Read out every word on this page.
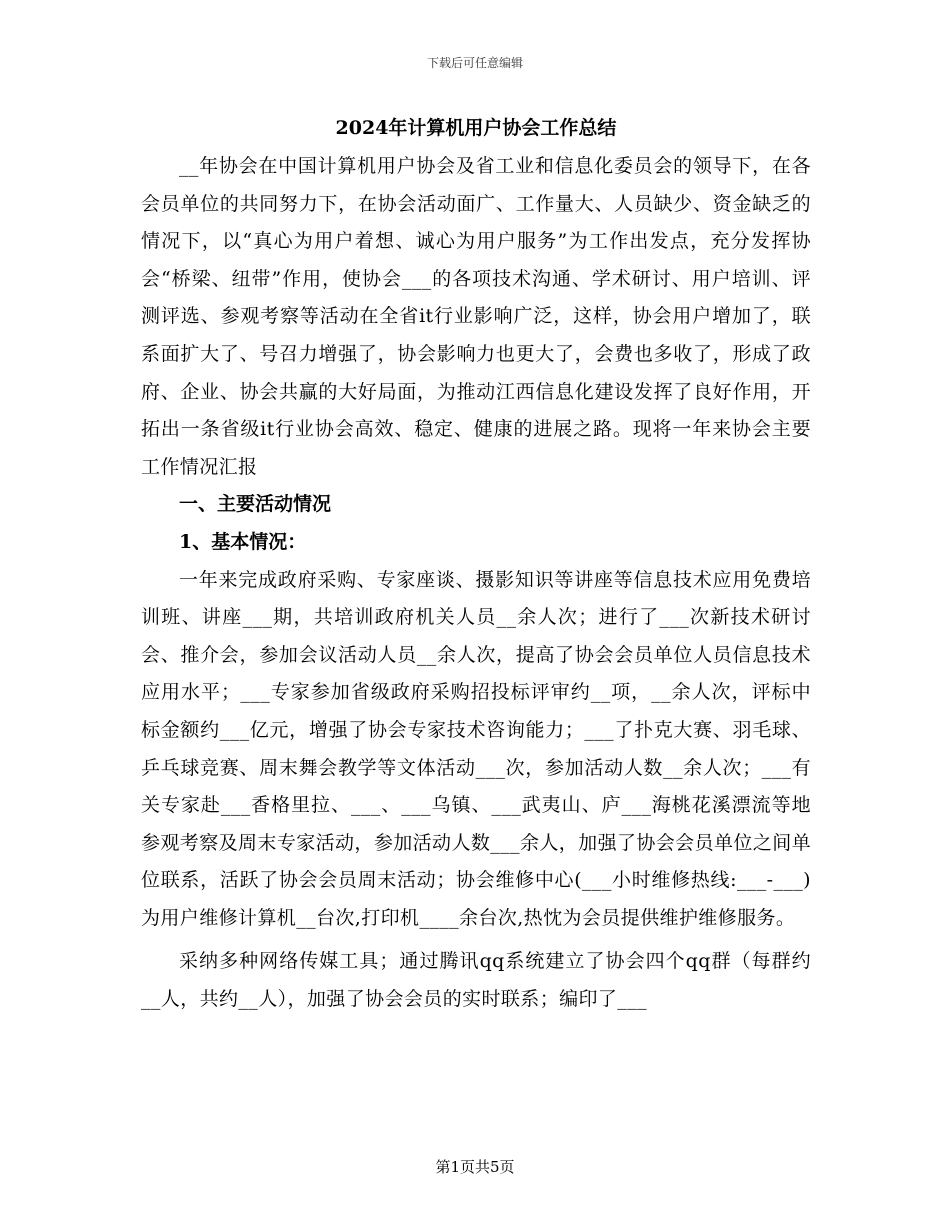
下载后可任意编辑
2024年计算机用户协会工作总结

__年协会在中国计算机用户协会及省工业和信息化委员会的领导下，在各会员单位的共同努力下，在协会活动面广、工作量大、人员缺少、资金缺乏的情况下，以“真心为用户着想、诚心为用户服务”为工作出发点，充分发挥协会“桥梁、纽带”作用，使协会___的各项技术沟通、学术研讨、用户培训、评测评选、参观考察等活动在全省it行业影响广泛，这样，协会用户增加了，联系面扩大了、号召力增强了，协会影响力也更大了，会费也多收了，形成了政府、企业、协会共赢的大好局面，为推动江西信息化建设发挥了良好作用，开拓出一条省级it行业协会高效、稳定、健康的进展之路。现将一年来协会主要工作情况汇报

一、主要活动情况

1、基本情况：

一年来完成政府采购、专家座谈、摄影知识等讲座等信息技术应用免费培训班、讲座___期，共培训政府机关人员__余人次；进行了___次新技术研讨会、推介会，参加会议活动人员__余人次，提高了协会会员单位人员信息技术应用水平；___专家参加省级政府采购招投标评审约__项，__余人次，评标中标金额约___亿元，增强了协会专家技术咨询能力；___了扑克大赛、羽毛球、乒乓球竞赛、周末舞会教学等文体活动___次，参加活动人数__余人次；___有关专家赴___香格里拉、___、___乌镇、___武夷山、庐___海桃花溪漂流等地参观考察及周末专家活动，参加活动人数___余人，加强了协会会员单位之间单位联系，活跃了协会会员周末活动；协会维修中心(___小时维修热线:___-___)为用户维修计算机__台次,打印机____余台次,热忱为会员提供维护维修服务。

采纳多种网络传媒工具；通过腾讯qq系统建立了协会四个qq群（每群约__人，共约__人），加强了协会会员的实时联系；编印了___

第1页共5页
